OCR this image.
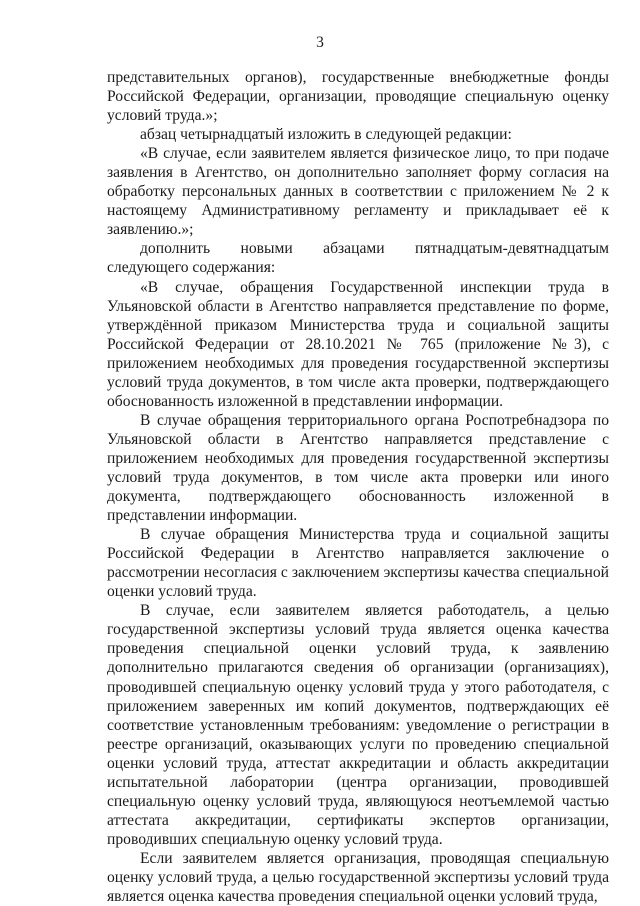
3

представительных органов), государственные внебюджетные фонды Российской Федерации, организации, проводящие специальную оценку условий труда.»;

абзац четырнадцатый изложить в следующей редакции:

«В случае, если заявителем является физическое лицо, то при подаче заявления в Агентство, он дополнительно заполняет форму согласия на обработку персональных данных в соответствии с приложением № 2 к настоящему Административному регламенту и прикладывает её к заявлению.»;

дополнить новыми абзацами пятнадцатым-девятнадцатым следующего содержания:

«В случае, обращения Государственной инспекции труда в Ульяновской области в Агентство направляется представление по форме, утверждённой приказом Министерства труда и социальной защиты Российской Федерации от 28.10.2021 № 765 (приложение №3), с приложением необходимых для проведения государственной экспертизы условий труда документов, в том числе акта проверки, подтверждающего обоснованность изложенной в представлении информации.

В случае обращения территориального органа Роспотребнадзора по Ульяновской области в Агентство направляется представление с приложением необходимых для проведения государственной экспертизы условий труда документов, в том числе акта проверки или иного документа, подтверждающего обоснованность изложенной в представлении информации.

В случае обращения Министерства труда и социальной защиты Российской Федерации в Агентство направляется заключение о рассмотрении несогласия с заключением экспертизы качества специальной оценки условий труда.

В случае, если заявителем является работодатель, а целью государственной экспертизы условий труда является оценка качества проведения специальной оценки условий труда, к заявлению дополнительно прилагаются сведения об организации (организациях), проводившей специальную оценку условий труда у этого работодателя, с приложением заверенных им копий документов, подтверждающих её соответствие установленным требованиям: уведомление о регистрации в реестре организаций, оказывающих услуги по проведению специальной оценки условий труда, аттестат аккредитации и область аккредитации испытательной лаборатории (центра организации, проводившей специальную оценку условий труда, являющуюся неотъемлемой частью аттестата аккредитации, сертификаты экспертов организации, проводивших специальную оценку условий труда.

Если заявителем является организация, проводящая специальную оценку условий труда, а целью государственной экспертизы условий труда является оценка качества проведения специальной оценки условий труда,
